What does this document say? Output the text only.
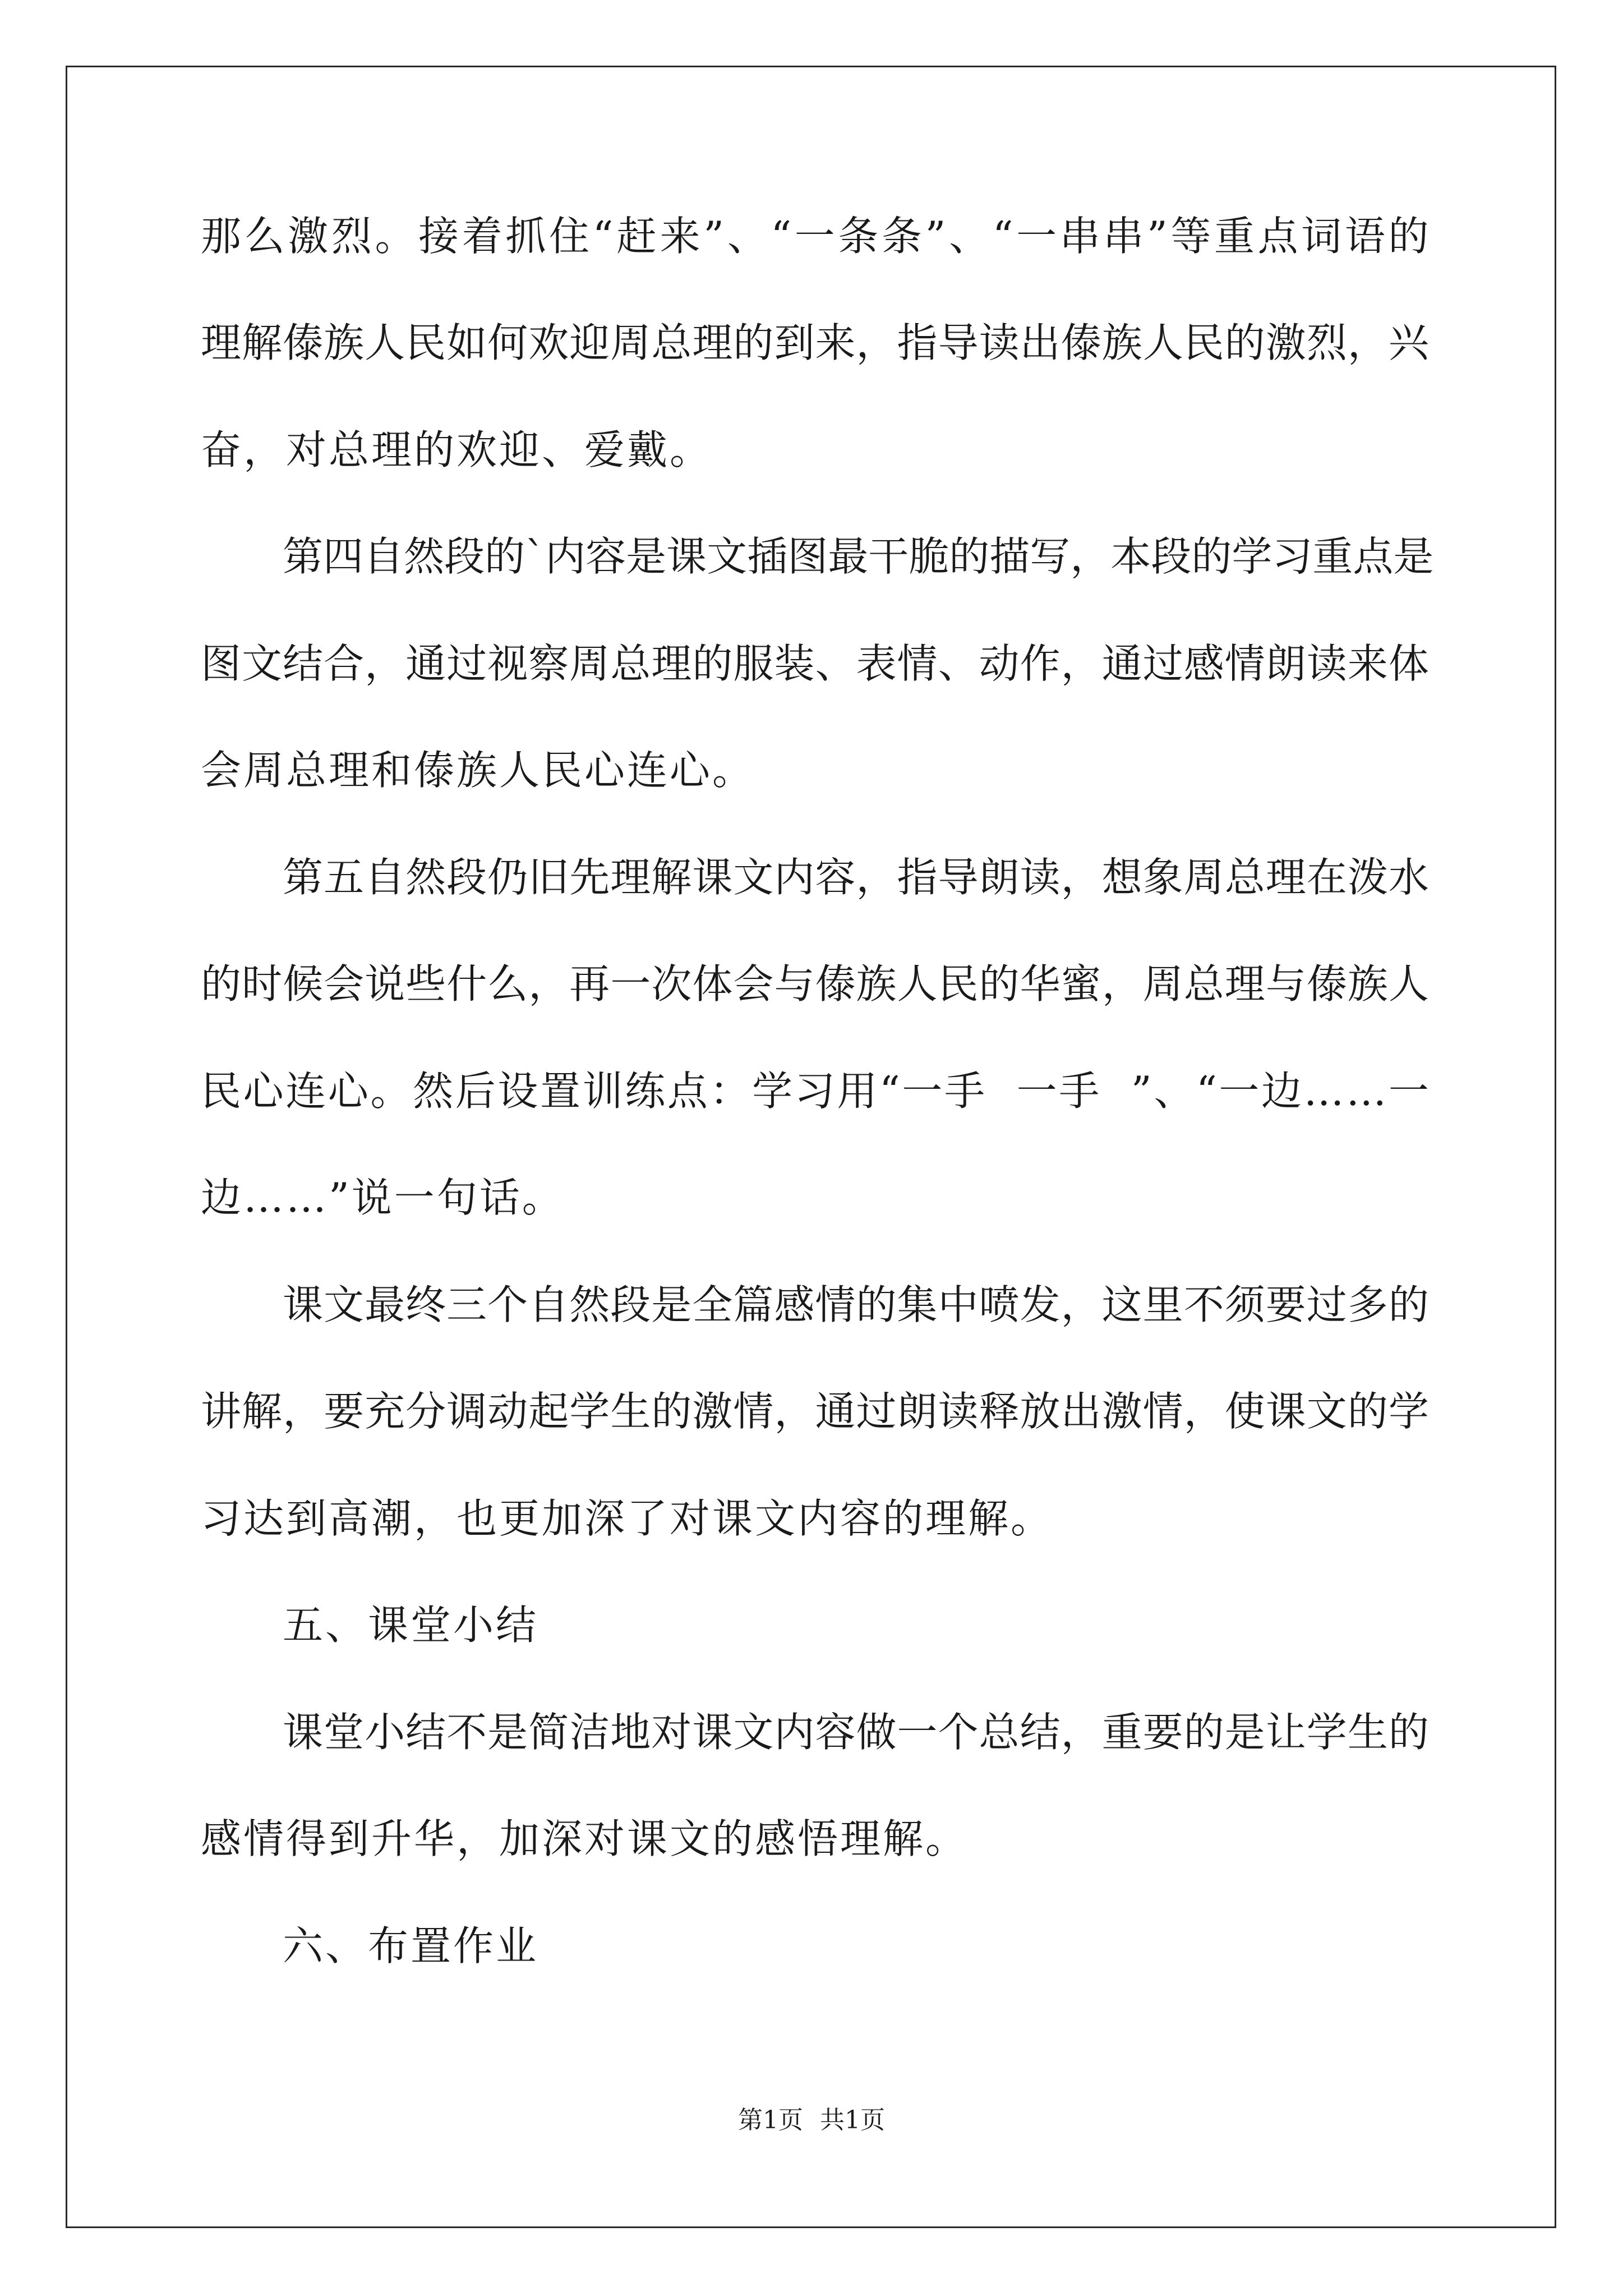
那 么 激 烈 。 接 着 抓 住 “ 赶 来 ” 、 “ 一 条 条 ” 、 “ 一 串 串 ” 等 重 点 词 语 的
理 解 傣 族 人 民 如 何 欢 迎 周 总 理 的 到 来 ， 指 导 读 出 傣 族 人 民 的 激 烈 ， 兴
奋，对总理的欢迎、爱戴。
第 四 自 然 段 的 ` 内 容 是 课 文 插 图 最 干 脆 的 描 写 ， 本 段 的 学 习 重 点 是
图 文 结 合 ， 通 过 视 察 周 总 理 的 服 装 、 表 情 、 动 作 ， 通 过 感 情 朗 读 来 体
会周总理和傣族人民心连心。
第 五 自 然 段 仍 旧 先 理 解 课 文 内 容 ， 指 导 朗 读 ， 想 象 周 总 理 在 泼 水
的 时 候 会 说 些 什 么 ， 再 一 次 体 会 与 傣 族 人 民 的 华 蜜 ， 周 总 理 与 傣 族 人
民 心 连 心 。 然 后 设 置 训 练 点 ： 学 习 用 “ 一 手

一 手

” 、 “ 一 边 … … 一
边……”说一句话。
课 文 最 终 三 个 自 然 段 是 全 篇 感 情 的 集 中 喷 发 ， 这 里 不 须 要 过 多 的
讲 解 ， 要 充 分 调 动 起 学 生 的 激 情 ， 通 过 朗 读 释 放 出 激 情 ， 使 课 文 的 学
习达到高潮，也更加深了对课文内容的理解。
五、课堂小结
课 堂 小 结 不 是 简 洁 地 对 课 文 内 容 做 一 个 总 结 ， 重 要 的 是 让 学 生 的
感情得到升华，加深对课文的感悟理解。
六、布置作业
第1页 共1页
